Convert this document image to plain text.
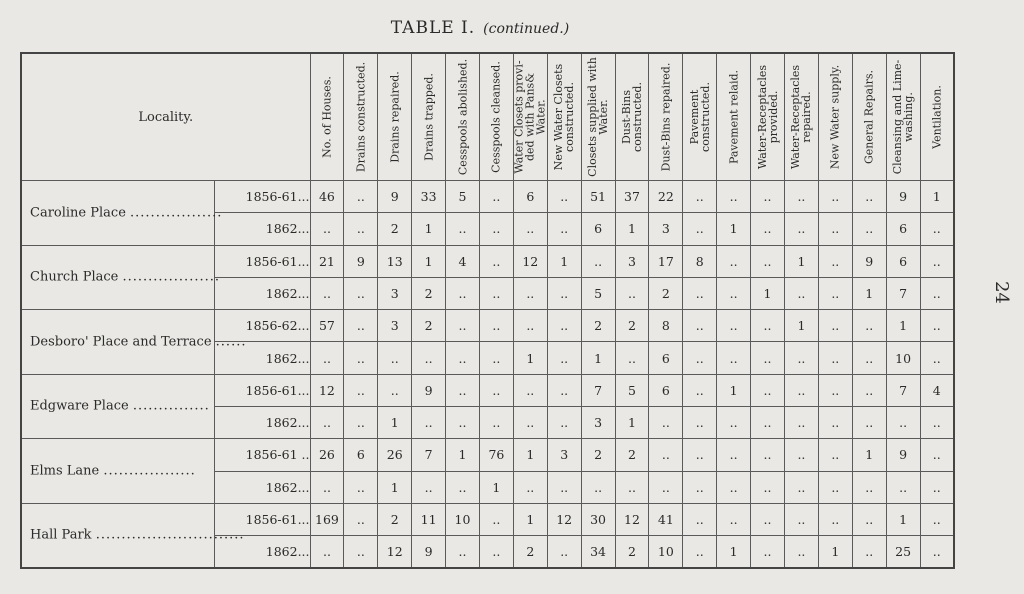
TABLE I. (continued.)
24
Locality.		No. of Houses.	Drains constructed.	Drains repaired.	Drains trapped.	Cesspools abolished.	Cesspools cleansed.	Water Closets provi-ded with Pans& Water.	New Water Closets constructed.	Closets supplied with Water.	Dust-Bins constructed.	Dust-Bins repaired.	Pavement constructed.	Pavement relaid.	Water-Receptacles provided.	Water-Receptacles repaired.	New Water supply.	General Repairs.	Cleansing and Lime-washing.	Ventilation.

Caroline Place ..................	1856-61...	46	..	9	33	5	..	6	..	51	37	22	..	..	..	..	..	..	9	1
	1862...	..	..	2	1	..	..	..	..	6	1	3	..	1	..	..	..	..	6	..

Church Place ...................	1856-61...	21	9	13	1	4	..	12	1	..	3	17	8	..	..	1	..	9	6	..
	1862...	..	..	3	2	..	..	..	..	5	..	2	..	..	1	..	..	1	7	..

Desboro' Place and Terrace ......	1856-62...	57	..	3	2	..	..	..	..	2	2	8	..	..	..	1	..	..	1	..
	1862...	..	..	..	..	..	..	1	..	1	..	6	..	..	..	..	..	..	10	..

Edgware Place ...............	1856-61...	12	..	..	9	..	..	..	..	7	5	6	..	1	..	..	..	..	7	4
	1862...	..	..	1	..	..	..	..	..	3	1	..	..	..	..	..	..	..	..	..

Elms Lane ..................	1856-61 ..	26	6	26	7	1	76	1	3	2	2	..	..	..	..	..	..	1	9	..
	1862...	..	..	1	..	..	1	..	..	..	..	..	..	..	..	..	..	..	..	..

Hall Park .............................	1856-61...	169	..	2	11	10	..	1	12	30	12	41	..	..	..	..	..	..	1	..
	1862...	..	..	12	9	..	..	2	..	34	2	10	..	1	..	..	1	..	25	..
